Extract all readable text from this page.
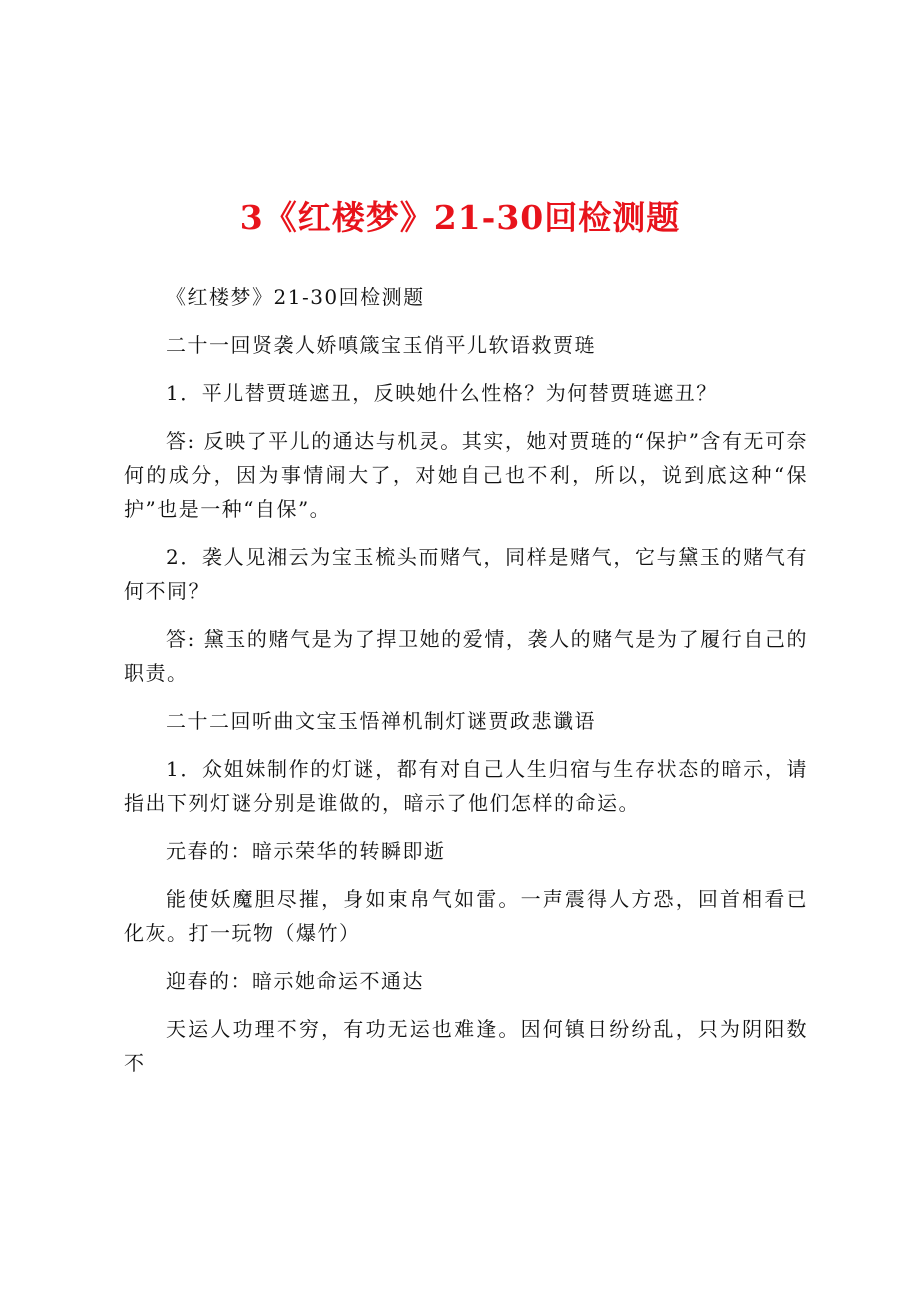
3《红楼梦》21-30回检测题

《红楼梦》21-30回检测题

二十一回贤袭人娇嗔箴宝玉俏平儿软语救贾琏

1．平儿替贾琏遮丑，反映她什么性格？为何替贾琏遮丑？

答: 反映了平儿的通达与机灵。其实，她对贾琏的“保护”含有无可奈何的成分，因为事情闹大了，对她自己也不利，所以，说到底这种“保护”也是一种“自保”。

2．袭人见湘云为宝玉梳头而赌气，同样是赌气，它与黛玉的赌气有何不同？

答: 黛玉的赌气是为了捍卫她的爱情，袭人的赌气是为了履行自己的职责。

二十二回听曲文宝玉悟禅机制灯谜贾政悲谶语

1．众姐妹制作的灯谜，都有对自己人生归宿与生存状态的暗示，请指出下列灯谜分别是谁做的，暗示了他们怎样的命运。

元春的：暗示荣华的转瞬即逝

能使妖魔胆尽摧，身如束帛气如雷。一声震得人方恐，回首相看已化灰。打一玩物（爆竹）

迎春的：暗示她命运不通达

天运人功理不穷，有功无运也难逢。因何镇日纷纷乱，只为阴阳数不
